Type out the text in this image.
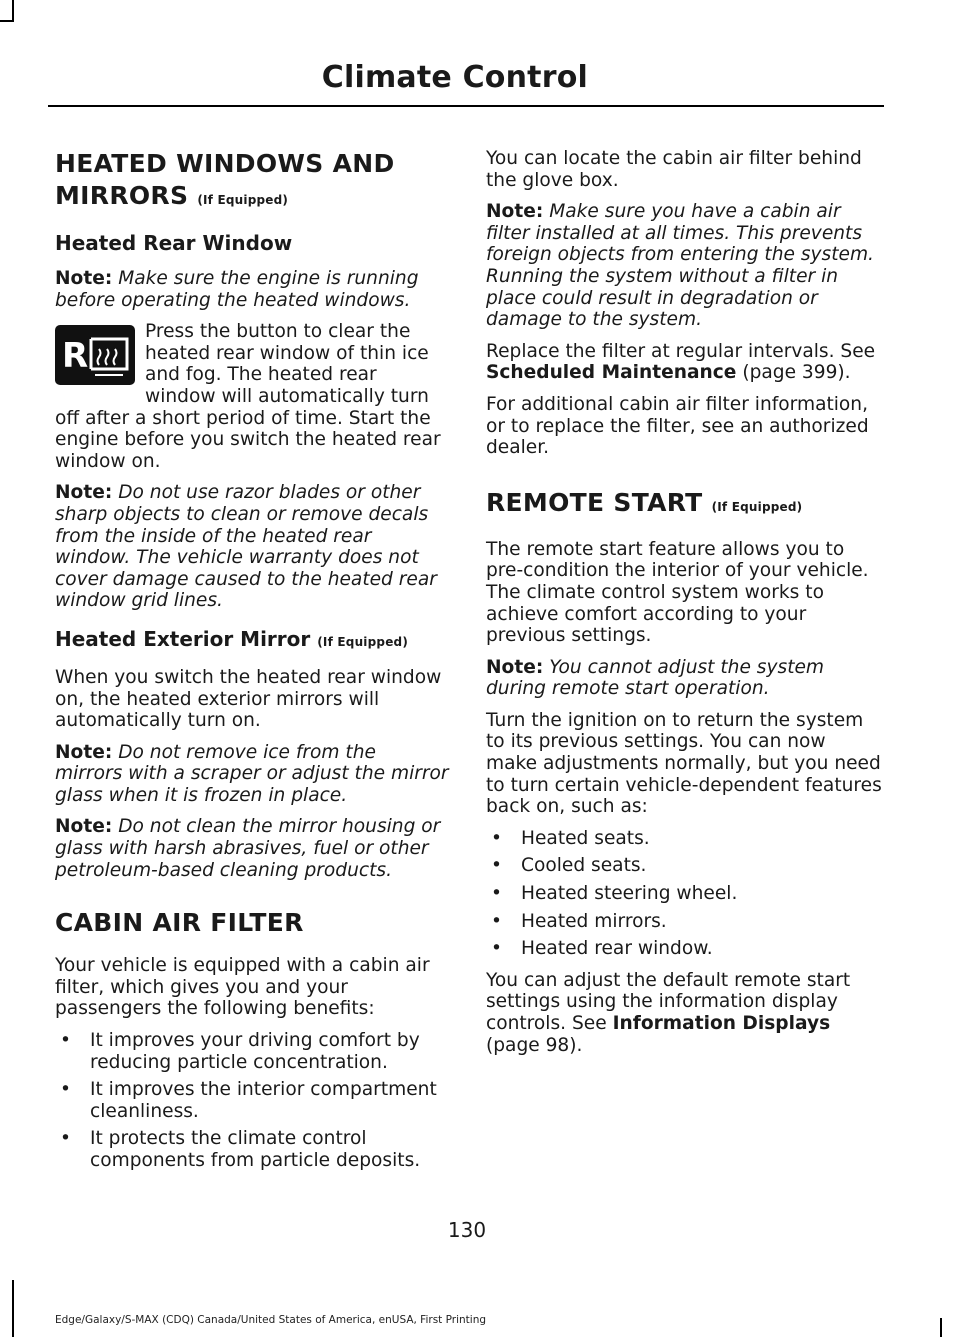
Climate Control
HEATED WINDOWS AND
MIRRORS (If Equipped)
Heated Rear Window

Note: Make sure the engine is running before operating the heated windows.

R
Press the button to clear the heated rear window of thin ice and fog. The heated rear window will automatically turn off after a short period of time. Start the engine before you switch the heated rear window on.

Note: Do not use razor blades or other sharp objects to clean or remove decals from the inside of the heated rear window. The vehicle warranty does not cover damage caused to the heated rear window grid lines.

Heated Exterior Mirror (If Equipped)

When you switch the heated rear window on, the heated exterior mirrors will automatically turn on.

Note: Do not remove ice from the mirrors with a scraper or adjust the mirror glass when it is frozen in place.

Note: Do not clean the mirror housing or glass with harsh abrasives, fuel or other petroleum-based cleaning products.

CABIN AIR FILTER

Your vehicle is equipped with a cabin air filter, which gives you and your passengers the following benefits:

• It improves your driving comfort by reducing particle concentration.
• It improves the interior compartment cleanliness.
• It protects the climate control components from particle deposits.

You can locate the cabin air filter behind the glove box.

Note: Make sure you have a cabin air filter installed at all times. This prevents foreign objects from entering the system. Running the system without a filter in place could result in degradation or damage to the system.

Replace the filter at regular intervals. See Scheduled Maintenance (page 399).

For additional cabin air filter information, or to replace the filter, see an authorized dealer.

REMOTE START (If Equipped)

The remote start feature allows you to pre-condition the interior of your vehicle. The climate control system works to achieve comfort according to your previous settings.

Note: You cannot adjust the system during remote start operation.

Turn the ignition on to return the system to its previous settings. You can now make adjustments normally, but you need to turn certain vehicle-dependent features back on, such as:

• Heated seats.
• Cooled seats.
• Heated steering wheel.
• Heated mirrors.
• Heated rear window.

You can adjust the default remote start settings using the information display controls. See Information Displays (page 98).

130
Edge/Galaxy/S-MAX (CDQ) Canada/United States of America, enUSA, First Printing
